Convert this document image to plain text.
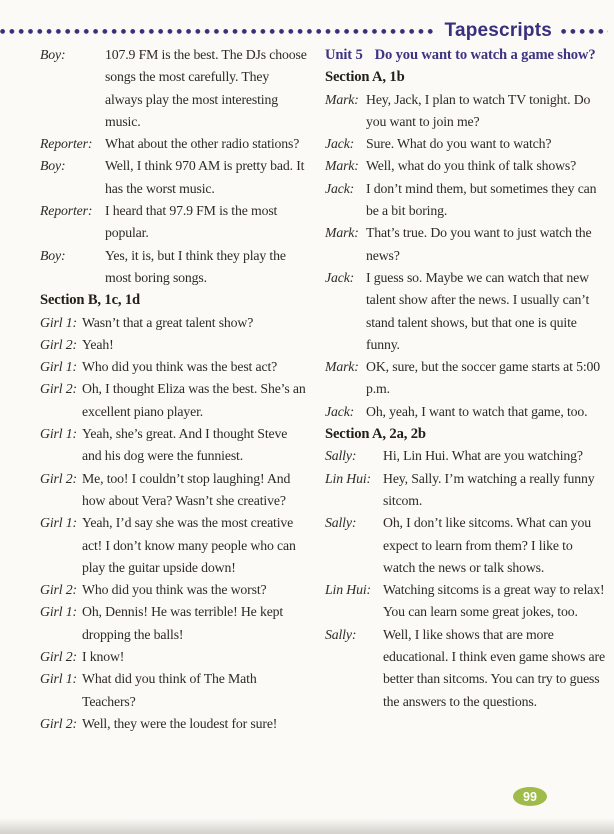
Tapescripts
Boy:	107.9 FM is the best. The DJs choose songs the most carefully. They always play the most interesting music.
Reporter: What about the other radio stations?
Boy:	Well, I think 970 AM is pretty bad. It has the worst music.
Reporter: I heard that 97.9 FM is the most popular.
Boy:	Yes, it is, but I think they play the most boring songs.
Section B, 1c, 1d
Girl 1: Wasn’t that a great talent show?
Girl 2: Yeah!
Girl 1: Who did you think was the best act?
Girl 2: Oh, I thought Eliza was the best. She’s an excellent piano player.
Girl 1: Yeah, she’s great. And I thought Steve and his dog were the funniest.
Girl 2: Me, too! I couldn’t stop laughing! And how about Vera? Wasn’t she creative?
Girl 1: Yeah, I’d say she was the most creative act! I don’t know many people who can play the guitar upside down!
Girl 2: Who did you think was the worst?
Girl 1: Oh, Dennis! He was terrible! He kept dropping the balls!
Girl 2: I know!
Girl 1: What did you think of The Math Teachers?
Girl 2: Well, they were the loudest for sure!
Unit 5 Do you want to watch a game show?
Section A, 1b
Mark: Hey, Jack, I plan to watch TV tonight. Do you want to join me?
Jack: Sure. What do you want to watch?
Mark: Well, what do you think of talk shows?
Jack: I don’t mind them, but sometimes they can be a bit boring.
Mark: That’s true. Do you want to just watch the news?
Jack: I guess so. Maybe we can watch that new talent show after the news. I usually can’t stand talent shows, but that one is quite funny.
Mark: OK, sure, but the soccer game starts at 5:00 p.m.
Jack: Oh, yeah, I want to watch that game, too.
Section A, 2a, 2b
Sally:	Hi, Lin Hui. What are you watching?
Lin Hui: Hey, Sally. I’m watching a really funny sitcom.
Sally:	Oh, I don’t like sitcoms. What can you expect to learn from them? I like to watch the news or talk shows.
Lin Hui: Watching sitcoms is a great way to relax! You can learn some great jokes, too.
Sally:	Well, I like shows that are more educational. I think even game shows are better than sitcoms. You can try to guess the answers to the questions.
99
